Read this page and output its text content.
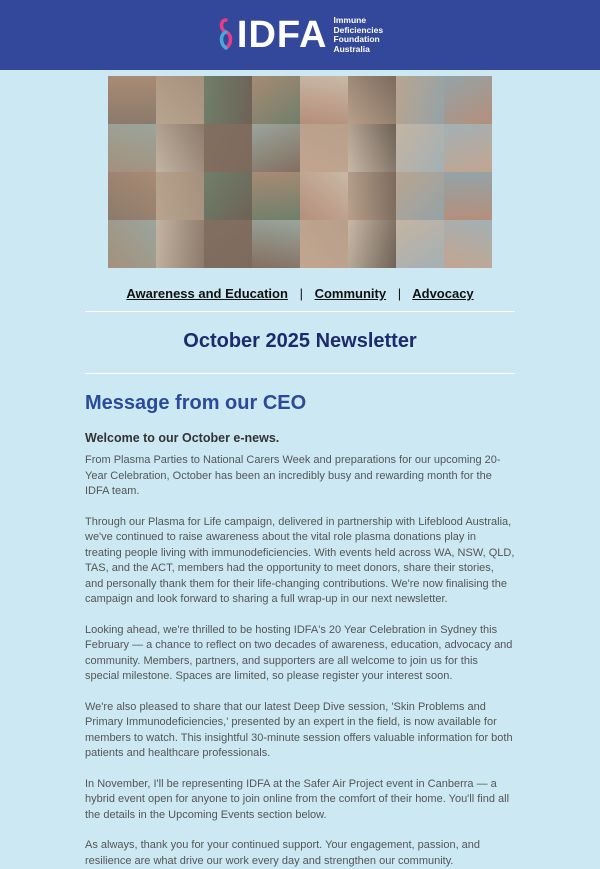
IDFA Immune
Deficiencies
Foundation
Australia
Awareness and Education | Community | Advocacy
October 2025 Newsletter
Message from our CEO
Welcome to our October e-news.

From Plasma Parties to National Carers Week and preparations for our upcoming 20-Year Celebration, October has been an incredibly busy and rewarding month for the IDFA team.

Through our Plasma for Life campaign, delivered in partnership with Lifeblood Australia, we've continued to raise awareness about the vital role plasma donations play in treating people living with immunodeficiencies. With events held across WA, NSW, QLD, TAS, and the ACT, members had the opportunity to meet donors, share their stories, and personally thank them for their life-changing contributions. We're now finalising the campaign and look forward to sharing a full wrap-up in our next newsletter.

Looking ahead, we're thrilled to be hosting IDFA's 20 Year Celebration in Sydney this February — a chance to reflect on two decades of awareness, education, advocacy and community. Members, partners, and supporters are all welcome to join us for this special milestone. Spaces are limited, so please register your interest soon.

We're also pleased to share that our latest Deep Dive session, 'Skin Problems and Primary Immunodeficiencies,' presented by an expert in the field, is now available for members to watch. This insightful 30-minute session offers valuable information for both patients and healthcare professionals.

In November, I'll be representing IDFA at the Safer Air Project event in Canberra — a hybrid event open for anyone to join online from the comfort of their home. You'll find all the details in the Upcoming Events section below.

As always, thank you for your continued support. Your engagement, passion, and resilience are what drive our work every day and strengthen our community.
